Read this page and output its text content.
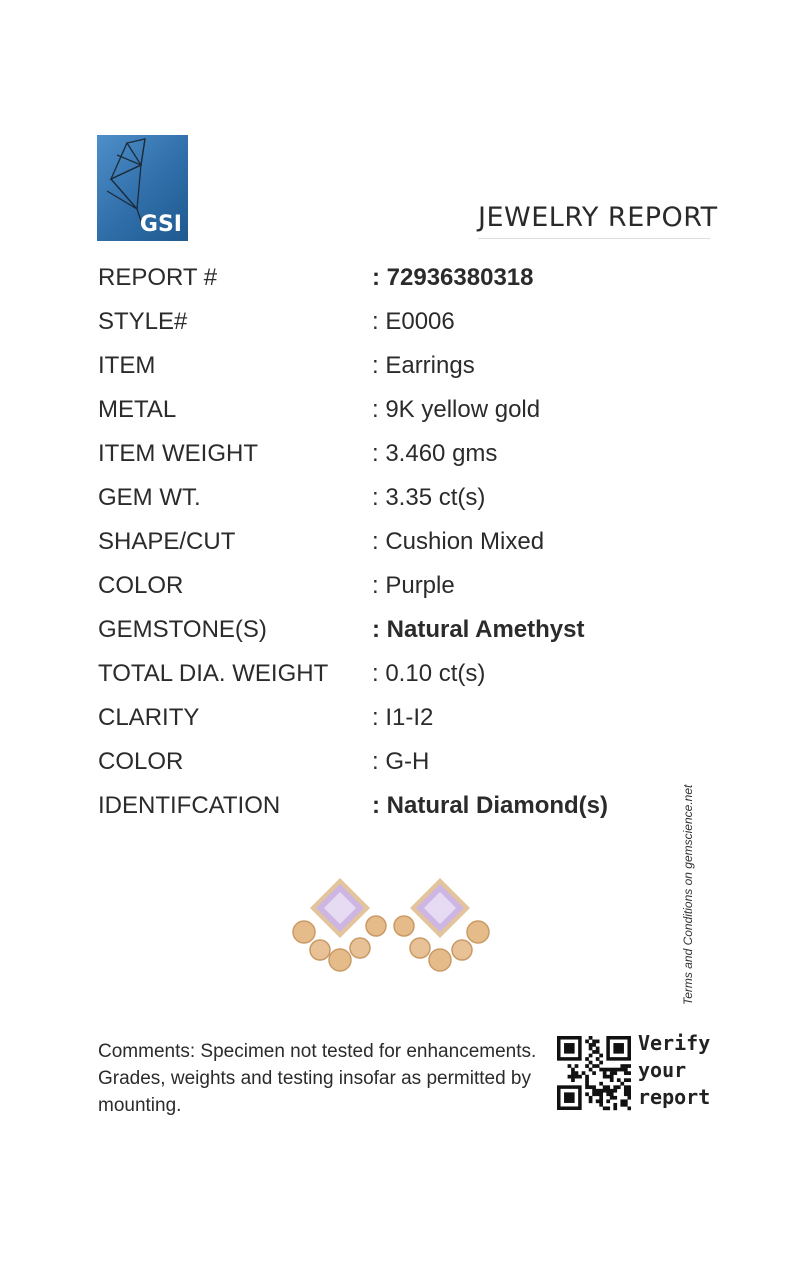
GSI	JEWELRY REPORT
REPORT #	: 72936380318
STYLE#	: E0006
ITEM	: Earrings
METAL	: 9K yellow gold
ITEM WEIGHT	: 3.460 gms
GEM WT.	: 3.35 ct(s)
SHAPE/CUT	: Cushion Mixed
COLOR	: Purple
GEMSTONE(S)	: Natural Amethyst
TOTAL DIA. WEIGHT : 0.10 ct(s)
CLARITY	: I1-I2
COLOR	: G-H
IDENTIFCATION	: Natural Diamond(s)	Terms and Conditions on gemscience.net
Comments: Specimen not tested for enhancements. Grades, weights and testing insofar as permitted by mounting.
Verify
your
report
